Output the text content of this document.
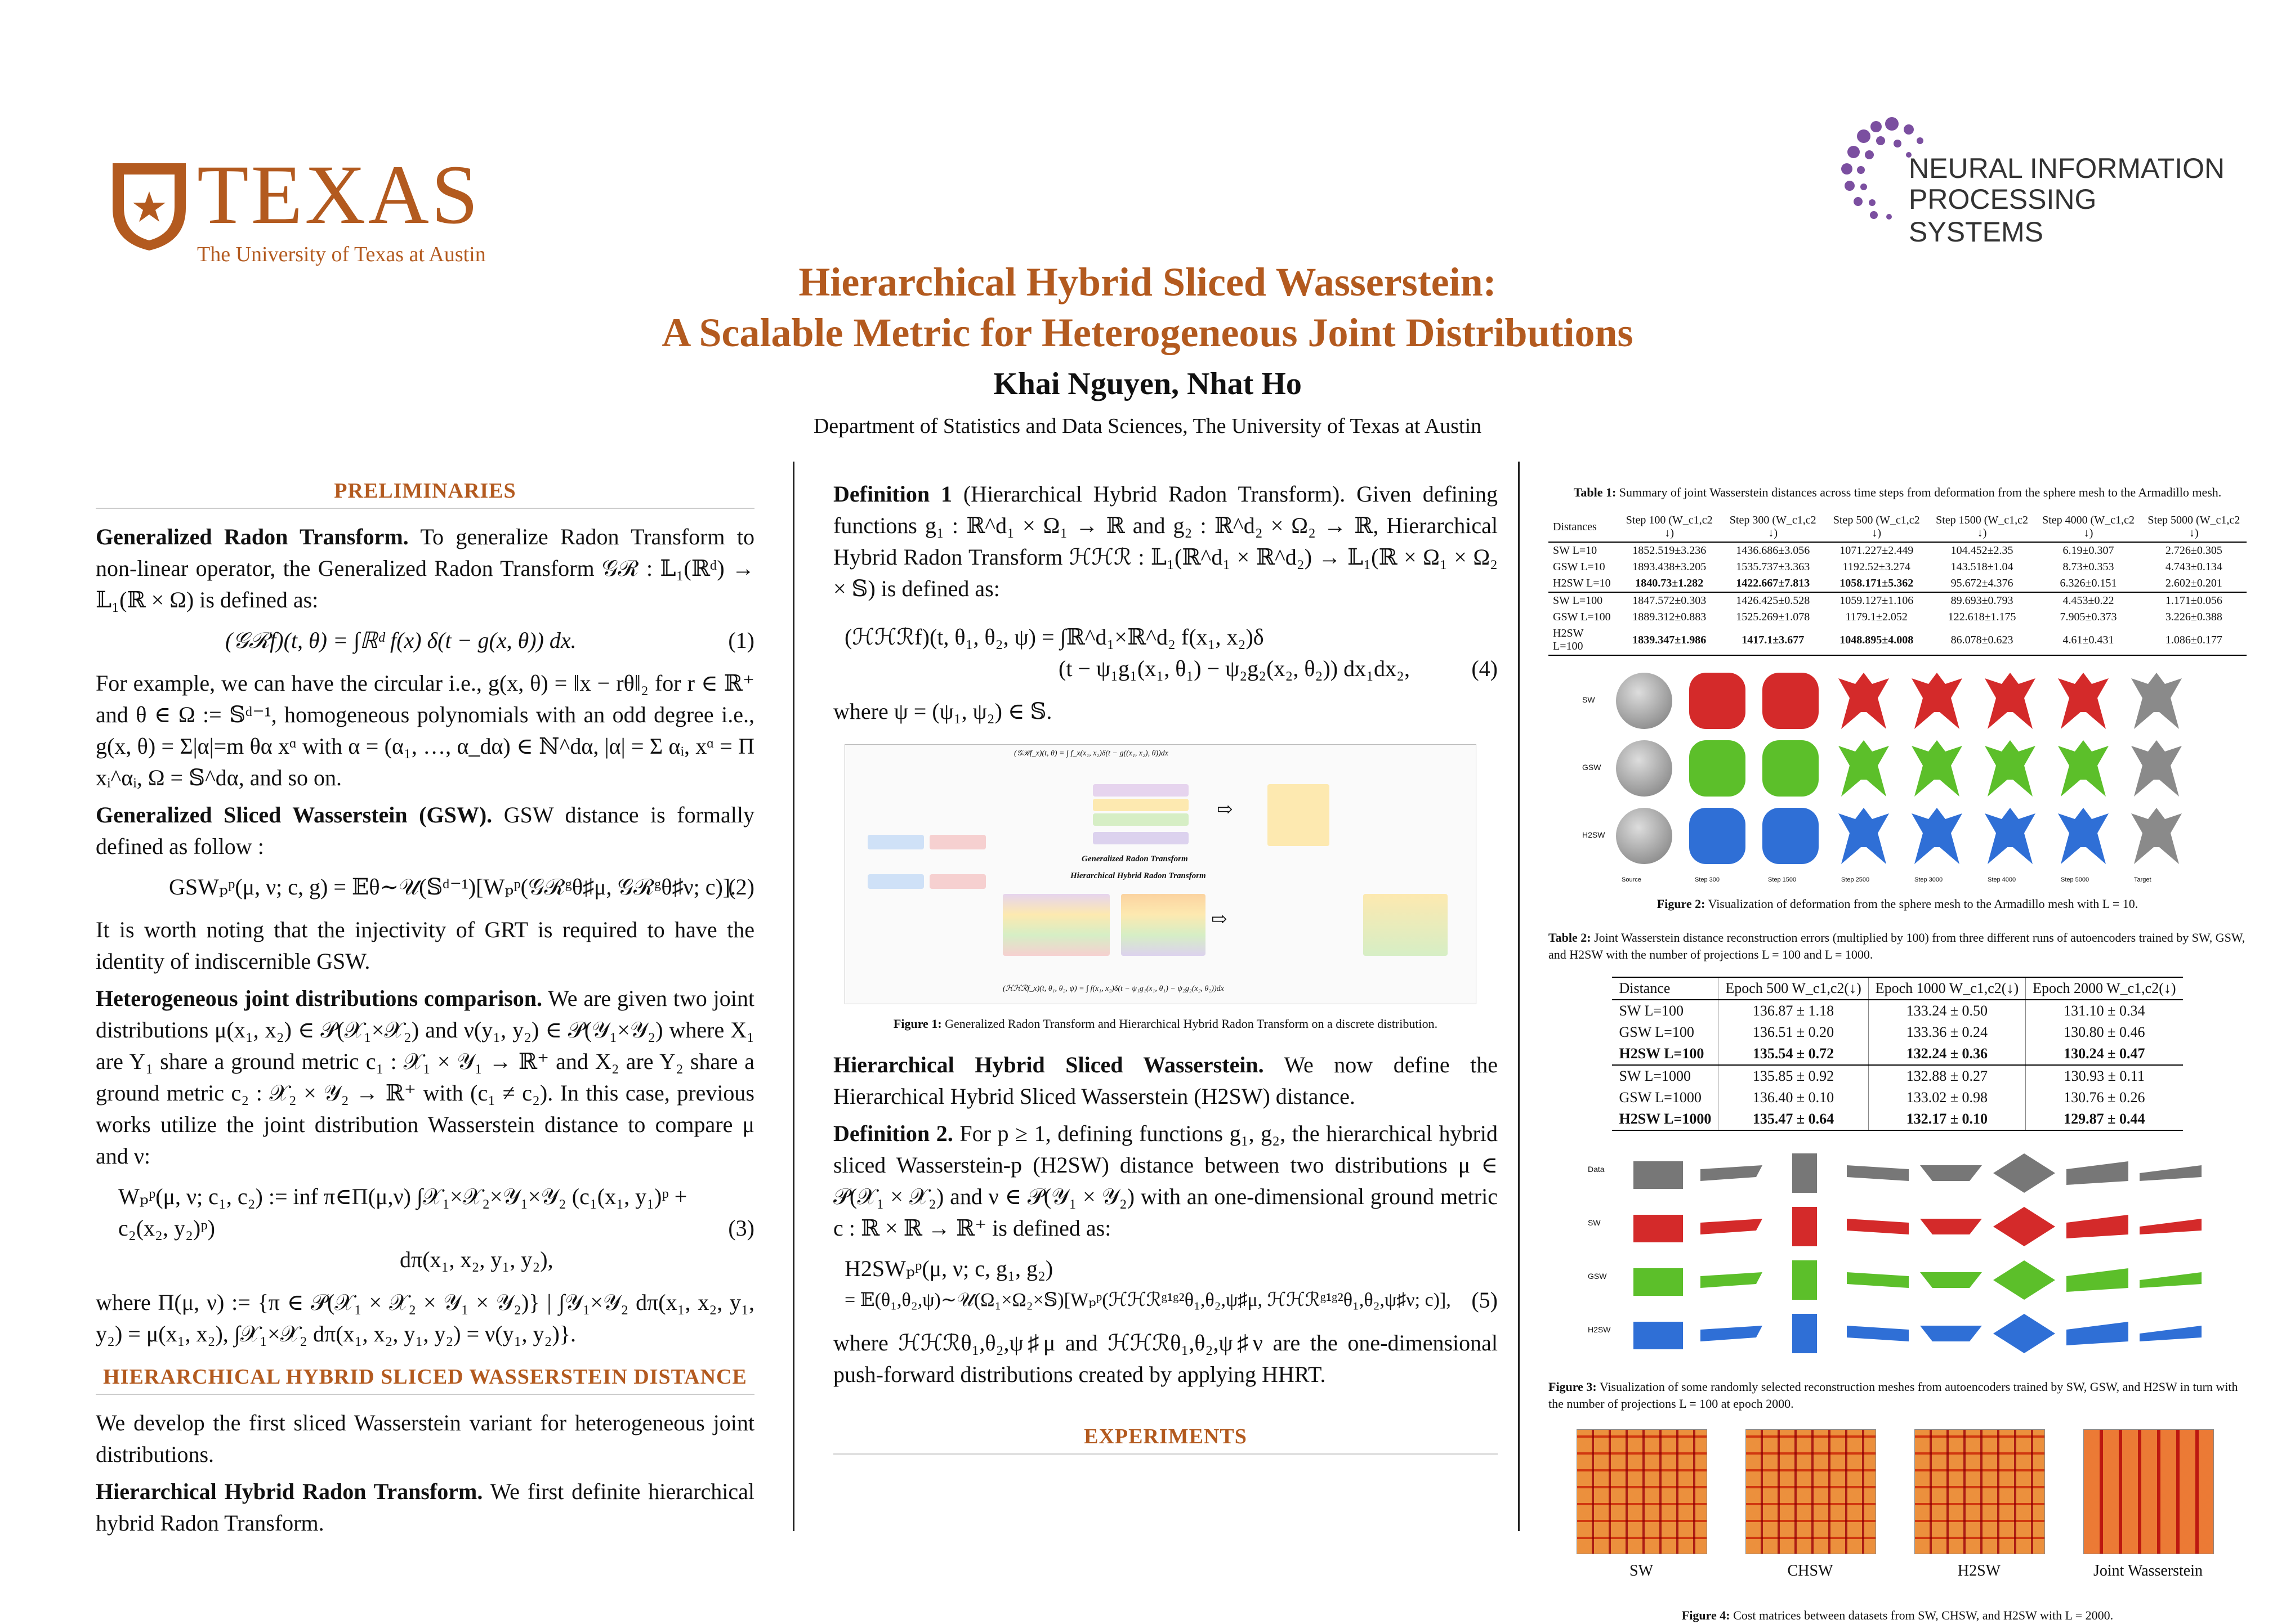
TEXAS
The University of Texas at Austin
NEURAL INFORMATION
PROCESSING SYSTEMS
Hierarchical Hybrid Sliced Wasserstein:
A Scalable Metric for Heterogeneous Joint Distributions
Khai Nguyen, Nhat Ho
Department of Statistics and Data Sciences, The University of Texas at Austin
PRELIMINARIES

Generalized Radon Transform. To generalize Radon Transform to non-linear operator, the Generalized Radon Transform 𝒢ℛ : 𝕃₁(ℝᵈ) → 𝕃₁(ℝ × Ω) is defined as:

(𝒢ℛf)(t, θ) = ∫ℝᵈ f(x) δ(t − g(x, θ)) dx.	(1)

For example, we can have the circular i.e., g(x, θ) = ‖x − rθ‖₂ for r ∈ ℝ⁺ and θ ∈ Ω := 𝕊ᵈ⁻¹, homogeneous polynomials with an odd degree i.e., g(x, θ) = Σ|α|=m θα xᵅ with α = (α₁, …, α_dα) ∈ ℕ^dα, |α| = Σ αᵢ, xᵅ = Π xᵢ^αᵢ, Ω = 𝕊^dα, and so on.

Generalized Sliced Wasserstein (GSW). GSW distance is formally defined as follow :

GSWₚᵖ(μ, ν; c, g) = 𝔼θ∼𝒰(𝕊ᵈ⁻¹)[Wₚᵖ(𝒢ℛᵍθ♯μ, 𝒢ℛᵍθ♯ν; c)].
(2)

It is worth noting that the injectivity of GRT is required to have the identity of indiscernible GSW.

Heterogeneous joint distributions comparison. We are given two joint distributions μ(x₁, x₂) ∈ 𝒫(𝒳₁×𝒳₂) and ν(y₁, y₂) ∈ 𝒫(𝒴₁×𝒴₂) where X₁ are Y₁ share a ground metric c₁ : 𝒳₁ × 𝒴₁ → ℝ⁺ and X₂ are Y₂ share a ground metric c₂ : 𝒳₂ × 𝒴₂ → ℝ⁺ with (c₁ ≠ c₂). In this case, previous works utilize the joint distribution Wasserstein distance to compare μ and ν:

Wₚᵖ(μ, ν; c₁, c₂) := inf π∈Π(μ,ν) ∫𝒳₁×𝒳₂×𝒴₁×𝒴₂ (c₁(x₁, y₁)ᵖ + c₂(x₂, y₂)ᵖ)
dπ(x₁, x₂, y₁, y₂),
(3)

where Π(μ, ν) := {π ∈ 𝒫(𝒳₁ × 𝒳₂ × 𝒴₁ × 𝒴₂)} | ∫𝒴₁×𝒴₂ dπ(x₁, x₂, y₁, y₂) = μ(x₁, x₂), ∫𝒳₁×𝒳₂ dπ(x₁, x₂, y₁, y₂) = ν(y₁, y₂)}.

HIERARCHICAL HYBRID SLICED WASSERSTEIN DISTANCE

We develop the first sliced Wasserstein variant for heterogeneous joint distributions.

Hierarchical Hybrid Radon Transform. We first definite hierarchical hybrid Radon Transform.

Definition 1 (Hierarchical Hybrid Radon Transform). Given defining functions g₁ : ℝ^d₁ × Ω₁ → ℝ and g₂ : ℝ^d₂ × Ω₂ → ℝ, Hierarchical Hybrid Radon Transform ℋℋℛ : 𝕃₁(ℝ^d₁ × ℝ^d₂) → 𝕃₁(ℝ × Ω₁ × Ω₂ × 𝕊) is defined as:

(ℋℋℛf)(t, θ₁, θ₂, ψ) = ∫ℝ^d₁×ℝ^d₂ f(x₁, x₂)δ
(t − ψ₁g₁(x₁, θ₁) − ψ₂g₂(x₂, θ₂)) dx₁dx₂,	(4)

where ψ = (ψ₁, ψ₂) ∈ 𝕊.

(𝒢ℛf_x)(t, θ) = ∫ f_x(x₁, x₂)δ(t − g((x₁, x₂), θ))dx
⇨
Generalized Radon Transform
Hierarchical Hybrid Radon Transform
⇨
(ℋℋℛf_x)(t, θ₁, θ₂, ψ) = ∫ f(x₁, x₂)δ(t − ψ₁g₁(x₁, θ₁) − ψ₂g₂(x₂, θ₂))dx
Figure 1: Generalized Radon Transform and Hierarchical Hybrid Radon Transform on a discrete distribution.

Hierarchical Hybrid Sliced Wasserstein. We now define the Hierarchical Hybrid Sliced Wasserstein (H2SW) distance.

Definition 2. For p ≥ 1, defining functions g₁, g₂, the hierarchical hybrid sliced Wasserstein-p (H2SW) distance between two distributions μ ∈ 𝒫(𝒳₁ × 𝒳₂) and ν ∈ 𝒫(𝒴₁ × 𝒴₂) with an one-dimensional ground metric c : ℝ × ℝ → ℝ⁺ is defined as:

H2SWₚᵖ(μ, ν; c, g₁, g₂)
= 𝔼(θ₁,θ₂,ψ)∼𝒰(Ω₁×Ω₂×𝕊)[Wₚᵖ(ℋℋℛᵍ¹ᵍ²θ₁,θ₂,ψ♯μ, ℋℋℛᵍ¹ᵍ²θ₁,θ₂,ψ♯ν; c)], (5)

where ℋℋℛθ₁,θ₂,ψ♯μ and ℋℋℛθ₁,θ₂,ψ♯ν are the one-dimensional push-forward distributions created by applying HHRT.

EXPERIMENTS
Table 1: Summary of joint Wasserstein distances across time steps from deformation from the sphere mesh to the Armadillo mesh.
Distances	Step 100 (W_c1,c2 ↓)	Step 300 (W_c1,c2 ↓)	Step 500 (W_c1,c2 ↓)	Step 1500 (W_c1,c2 ↓)	Step 4000 (W_c1,c2 ↓)	Step 5000 (W_c1,c2 ↓)
SW L=10	1852.519±3.236	1436.686±3.056	1071.227±2.449	104.452±2.35	6.19±0.307	2.726±0.305
GSW L=10	1893.438±3.205	1535.737±3.363	1192.52±3.274	143.518±1.04	8.73±0.353	4.743±0.134
H2SW L=10	1840.73±1.282	1422.667±7.813	1058.171±5.362	95.672±4.376	6.326±0.151	2.602±0.201
SW L=100	1847.572±0.303	1426.425±0.528	1059.127±1.106	89.693±0.793	4.453±0.22	1.171±0.056
GSW L=100	1889.312±0.883	1525.269±1.078	1179.1±2.052	122.618±1.175	7.905±0.373	3.226±0.388
H2SW L=100	1839.347±1.986	1417.1±3.677	1048.895±4.008	86.078±0.623	4.61±0.431	1.086±0.177
SW
GSW
H2SW
Source	Step 300	Step 1500	Step 2500	Step 3000	Step 4000	Step 5000	Target
Figure 2: Visualization of deformation from the sphere mesh to the Armadillo mesh with L = 10.
Table 2: Joint Wasserstein distance reconstruction errors (multiplied by 100) from three different runs of autoencoders trained by SW, GSW, and H2SW with the number of projections L = 100 and L = 1000.
Distance	Epoch 500 W_c1,c2(↓)	Epoch 1000 W_c1,c2(↓)	Epoch 2000 W_c1,c2(↓)
SW L=100	136.87 ± 1.18	133.24 ± 0.50	131.10 ± 0.34
GSW L=100	136.51 ± 0.20	133.36 ± 0.24	130.80 ± 0.46
H2SW L=100	135.54 ± 0.72	132.24 ± 0.36	130.24 ± 0.47
SW L=1000	135.85 ± 0.92	132.88 ± 0.27	130.93 ± 0.11
GSW L=1000	136.40 ± 0.10	133.02 ± 0.98	130.76 ± 0.26
H2SW L=1000	135.47 ± 0.64	132.17 ± 0.10	129.87 ± 0.44
Data
SW
GSW
H2SW
Figure 3: Visualization of some randomly selected reconstruction meshes from autoencoders trained by SW, GSW, and H2SW in turn with the number of projections L = 100 at epoch 2000.
SW	CHSW	H2SW	Joint Wasserstein
Figure 4: Cost matrices between datasets from SW, CHSW, and H2SW with L = 2000.
